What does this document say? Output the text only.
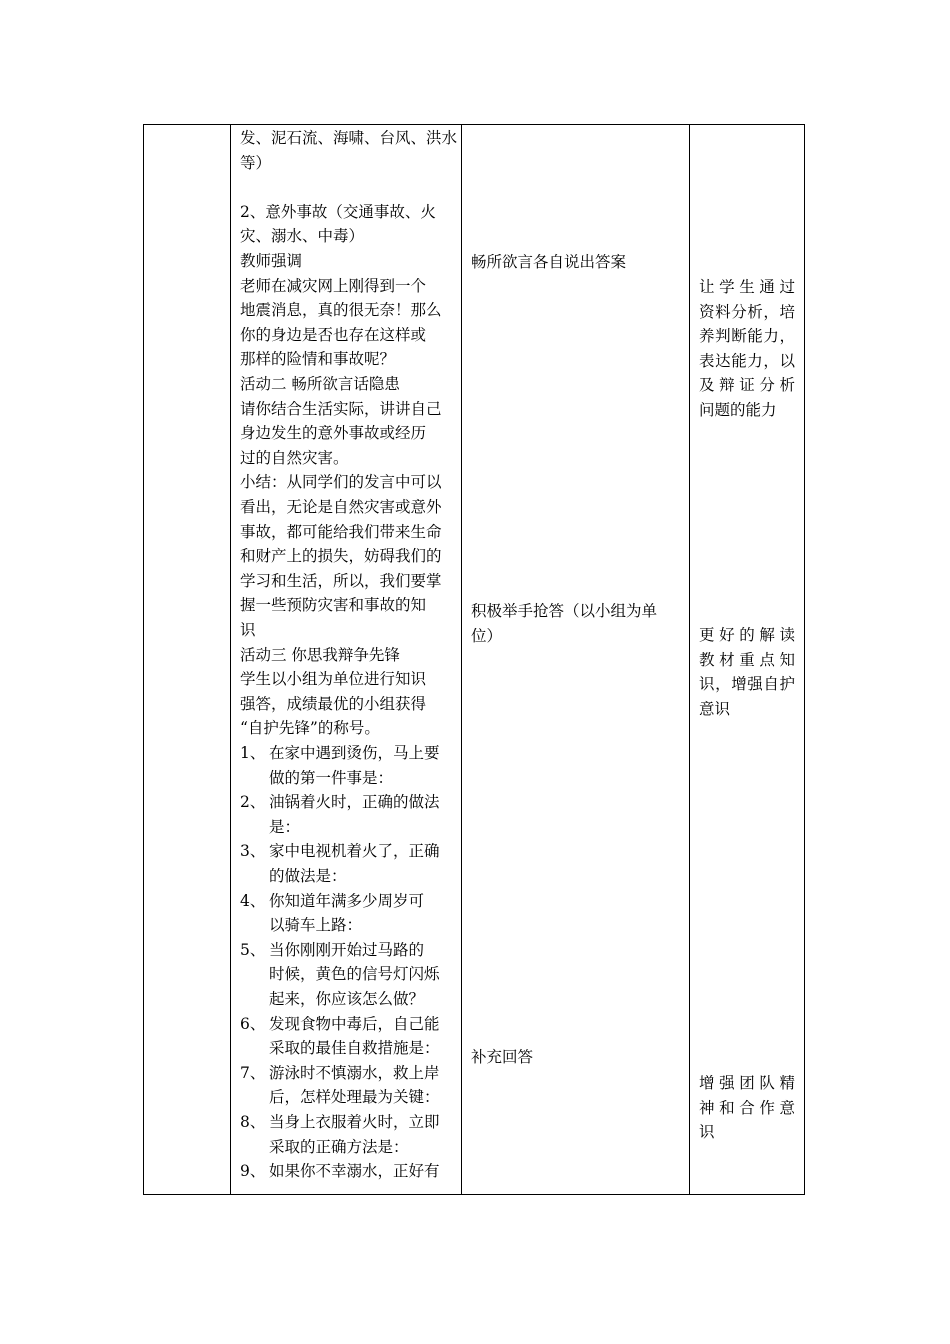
发、泥石流、海啸、台风、洪水
等）
2、意外事故（交通事故、火
灾、溺水、中毒）
教师强调
老师在减灾网上刚得到一个
地震消息，真的很无奈！那么
你的身边是否也存在这样或
那样的险情和事故呢？
活动二 畅所欲言话隐患
请你结合生活实际，讲讲自己
身边发生的意外事故或经历
过的自然灾害。
小结：从同学们的发言中可以
看出，无论是自然灾害或意外
事故，都可能给我们带来生命
和财产上的损失，妨碍我们的
学习和生活，所以，我们要掌
握一些预防灾害和事故的知
识
活动三 你思我辩争先锋
学生以小组为单位进行知识
强答，成绩最优的小组获得
“自护先锋”的称号。
1、 在家中遇到烫伤，马上要
做的第一件事是：
2、 油锅着火时，正确的做法
是：
3、 家中电视机着火了，正确
的做法是：
4、 你知道年满多少周岁可
以骑车上路：
5、 当你刚刚开始过马路的
时候，黄色的信号灯闪烁
起来，你应该怎么做？
6、 发现食物中毒后，自己能
采取的最佳自救措施是：
7、 游泳时不慎溺水，救上岸
后，怎样处理最为关键：
8、 当身上衣服着火时，立即
采取的正确方法是：
9、 如果你不幸溺水，正好有
畅所欲言各自说出答案
积极举手抢答（以小组为单
位）
补充回答
让学生通过
资料分析，培
养判断能力，
表达能力，以
及辩证分析
问题的能力
更好的解读
教材重点知
识，增强自护
意识
增强团队精
神和合作意
识
